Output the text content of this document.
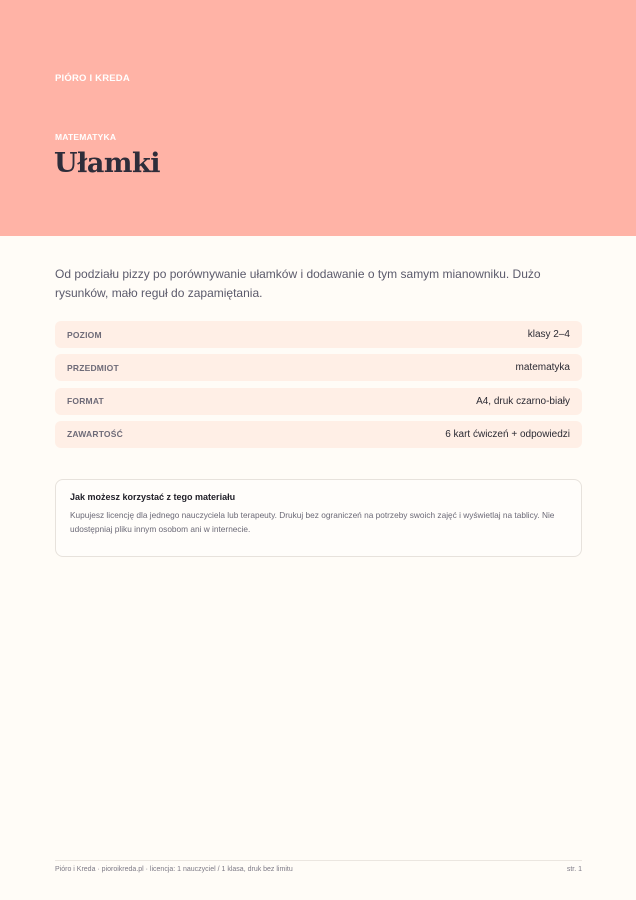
PIÓRO I KREDA
MATEMATYKA
Ułamki

Od podziału pizzy po porównywanie ułamków i dodawanie o tym samym mianowniku. Dużo rysunków, mało reguł do zapamiętania.

POZIOM	klasy 2–4
PRZEDMIOT	matematyka
FORMAT	A4, druk czarno-biały
ZAWARTOŚĆ	6 kart ćwiczeń + odpowiedzi

Jak możesz korzystać z tego materiału

Kupujesz licencję dla jednego nauczyciela lub terapeuty. Drukuj bez ograniczeń na potrzeby swoich zajęć i wyświetlaj na tablicy. Nie udostępniaj pliku innym osobom ani w internecie.

Pióro i Kreda · pioroikreda.pl · licencja: 1 nauczyciel / 1 klasa, druk bez limitu	str. 1
